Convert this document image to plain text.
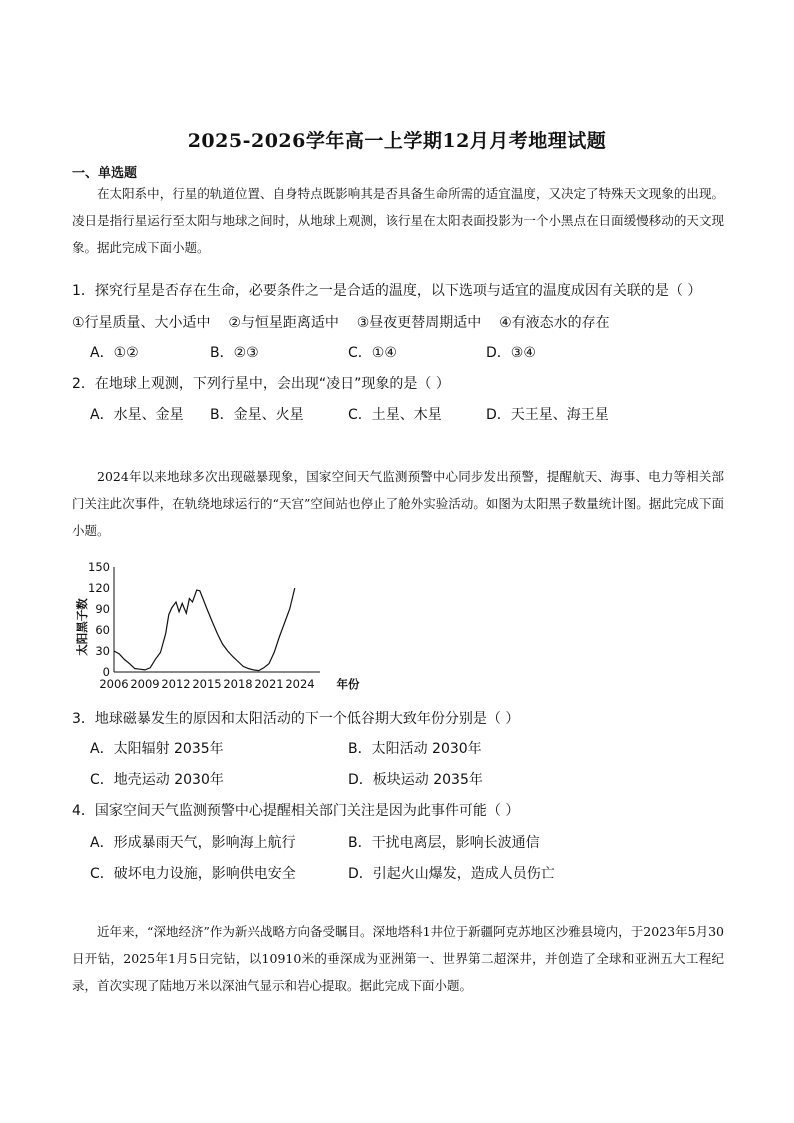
2025-2026学年高一上学期12月月考地理试题
一、单选题
在太阳系中，行星的轨道位置、自身特点既影响其是否具备生命所需的适宜温度，又决定了特殊天文现象的出现。凌日是指行星运行至太阳与地球之间时，从地球上观测，该行星在太阳表面投影为一个小黑点在日面缓慢移动的天文现象。据此完成下面小题。
1．探究行星是否存在生命，必要条件之一是合适的温度，以下选项与适宜的温度成因有关联的是（ ）
①行星质量、大小适中 ②与恒星距离适中 ③昼夜更替周期适中 ④有液态水的存在
A．①②	B．②③	C．①④	D．③④
2．在地球上观测，下列行星中，会出现“凌日”现象的是（ ）
A．水星、金星 B．金星、火星	C．土星、木星	D．天王星、海王星
2024年以来地球多次出现磁暴现象，国家空间天气监测预警中心同步发出预警，提醒航天、海事、电力等相关部门关注此次事件，在轨绕地球运行的“天宫”空间站也停止了舱外实验活动。如图为太阳黑子数量统计图。据此完成下面小题。
150
120
90
60
30
0
2006 2009 2012 2015 2018 2021 2024
太阳黑子数
年份
3．地球磁暴发生的原因和太阳活动的下一个低谷期大致年份分别是（ ）
A．太阳辐射 2035年	B．太阳活动 2030年
C．地壳运动 2030年	D．板块运动 2035年
4．国家空间天气监测预警中心提醒相关部门关注是因为此事件可能（ ）
A．形成暴雨天气，影响海上航行	B．干扰电离层，影响长波通信
C．破坏电力设施，影响供电安全	D．引起火山爆发，造成人员伤亡
近年来，“深地经济”作为新兴战略方向备受瞩目。深地塔科1井位于新疆阿克苏地区沙雅县境内，于2023年5月30日开钻，2025年1月5日完钻，以10910米的垂深成为亚洲第一、世界第二超深井，并创造了全球和亚洲五大工程纪录，首次实现了陆地万米以深油气显示和岩心提取。据此完成下面小题。
